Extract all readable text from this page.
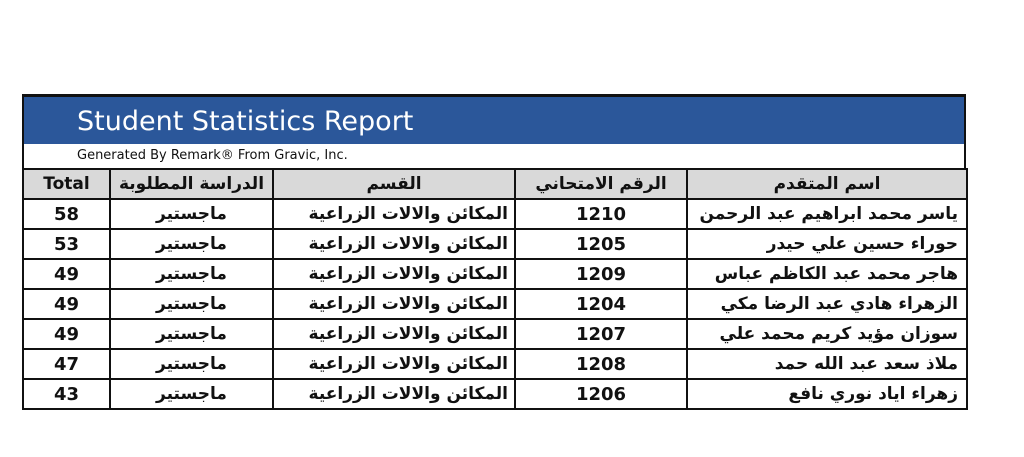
Student Statistics Report
Generated By Remark® From Gravic, Inc.
Total	الدراسة المطلوبة	القسم	الرقم الامتحاني	اسم المتقدم
58	ماجستير	المكائن والالات الزراعية	1210	ياسر محمد ابراهيم عبد الرحمن
53	ماجستير	المكائن والالات الزراعية	1205	حوراء حسين علي حيدر
49	ماجستير	المكائن والالات الزراعية	1209	هاجر محمد عبد الكاظم عباس
49	ماجستير	المكائن والالات الزراعية	1204	الزهراء هادي عبد الرضا مكي
49	ماجستير	المكائن والالات الزراعية	1207	سوزان مؤيد كريم محمد علي
47	ماجستير	المكائن والالات الزراعية	1208	ملاذ سعد عبد الله حمد
43	ماجستير	المكائن والالات الزراعية	1206	زهراء اياد نوري نافع
